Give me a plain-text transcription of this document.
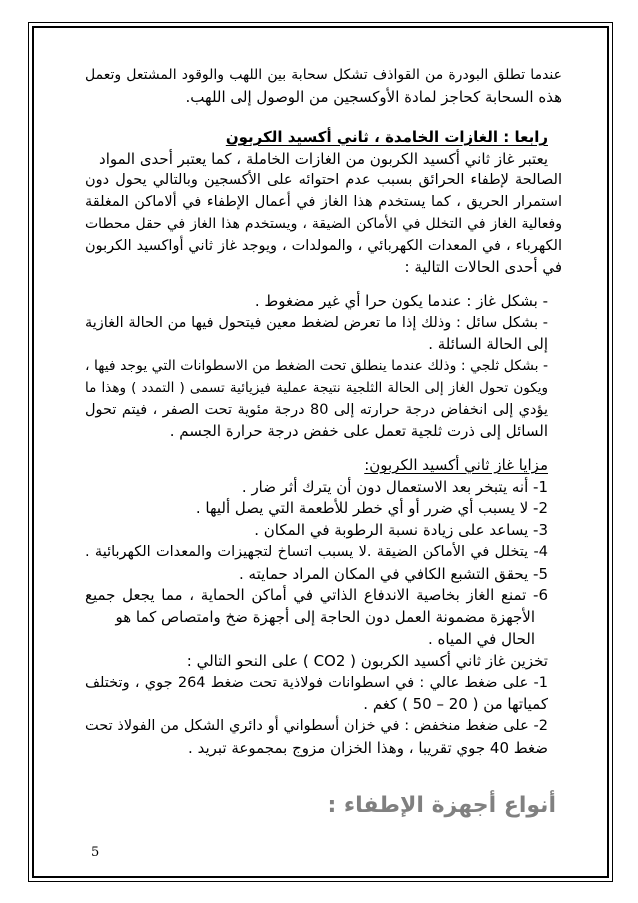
عندما تطلق البودرة من القواذف تشكل سحابة بين اللهب والوقود المشتعل وتعمل
هذه السحابة كحاجز لمادة الأوكسجين من الوصول إلى اللهب.
رابعا : الغازات الخامدة ، ثاني أكسيد الكربون
يعتبر غاز ثاني أكسيد الكربون من الغازات الخاملة ، كما يعتبر أحدى المواد
الصالحة لإطفاء الحرائق بسبب عدم احتوائه على الأكسجين وبالتالي يحول دون
استمرار الحريق ، كما يستخدم هذا الغاز في أعمال الإطفاء في ألاماكن المغلقة
وفعالية الغاز في التخلل في الأماكن الضيقة ، ويستخدم هذا الغاز في حقل محطات
الكهرباء ، في المعدات الكهربائي ، والمولدات ، ويوجد غاز ثاني أواكسيد الكربون
في أحدى الحالات التالية :
- بشكل غاز : عندما يكون حرا أي غير مضغوط .
- بشكل سائل : وذلك إذا ما تعرض لضغط معين فيتحول فيها من الحالة الغازية
إلى الحالة السائلة .
- بشكل ثلجي : وذلك عندما ينطلق تحت الضغط من الاسطوانات التي يوجد فيها ،
ويكون تحول الغاز إلى الحالة الثلجية نتيجة عملية فيزيائية تسمى ( التمدد ) وهذا ما
يؤدي إلى انخفاض درجة حرارته إلى 80 درجة مئوية تحت الصفر ، فيتم تحول
السائل إلى ذرت ثلجية تعمل على خفض درجة حرارة الجسم .
مزايا غاز ثاني أكسيد الكربون:
1- أنه يتبخر بعد الاستعمال دون أن يترك أثر ضار .
2- لا يسبب أي ضرر أو أي خطر للأطعمة التي يصل أليها .
3- يساعد على زيادة نسبة الرطوبة في المكان .
4- يتخلل في الأماكن الضيقة .لا يسبب اتساخ لتجهيزات والمعدات الكهربائية .
5- يحقق التشبع الكافي في المكان المراد حمايته .
6- تمنع الغاز بخاصية الاندفاع الذاتي في أماكن الحماية ، مما يجعل جميع
الأجهزة مضمونة العمل دون الحاجة إلى أجهزة ضخ وامتصاص كما هو
الحال في المياه .
تخزين غاز ثاني أكسيد الكربون ( CO2 ) على النحو التالي :
1- على ضغط عالي : في اسطوانات فولاذية تحت ضغط 264 جوي ، وتختلف
كمياتها من ( 20 – 50 ) كغم .
2- على ضغط منخفض : في خزان أسطواني أو دائري الشكل من الفولاذ تحت
ضغط 40 جوي تقريبا ، وهذا الخزان مزوج بمجموعة تبريد .
أنواع أجهزة الإطفاء :
5
